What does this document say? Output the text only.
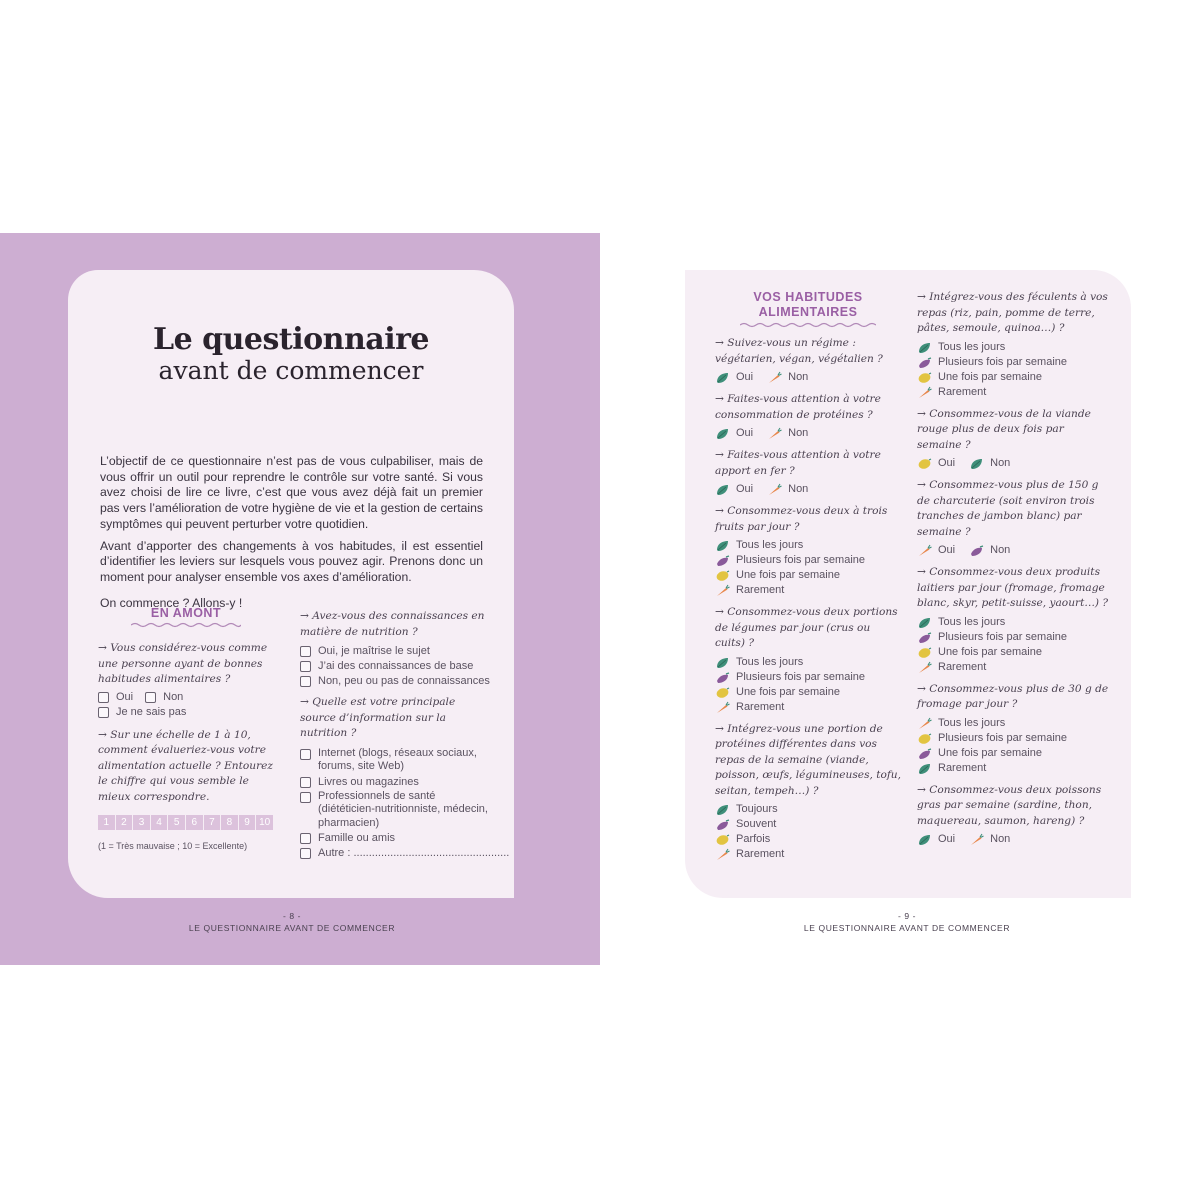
Le questionnaire
avant de commencer

L’objectif de ce questionnaire n’est pas de vous culpabiliser, mais de vous offrir un outil pour reprendre le contrôle sur votre santé. Si vous avez choisi de lire ce livre, c’est que vous avez déjà fait un premier pas vers l’amélioration de votre hygiène de vie et la gestion de certains symptômes qui peuvent perturber votre quotidien.

Avant d’apporter des changements à vos habitudes, il est essentiel d’identifier les leviers sur lesquels vous pouvez agir. Prenons donc un moment pour analyser ensemble vos axes d’amélioration.

On commence ? Allons-y !

EN AMONT
→ Vous considérez-vous comme une personne ayant de bonnes habitudes alimentaires ?
Oui	Non
Je ne sais pas
→ Sur une échelle de 1 à 10, comment évalueriez-vous votre alimentation actuelle ? Entourez le chiffre qui vous semble le mieux correspondre.
1	2	3	4	5	6	7	8	9 10
(1 = Très mauvaise ; 10 = Excellente)
→ Avez-vous des connaissances en matière de nutrition ?
Oui, je maîtrise le sujet
J’ai des connaissances de base
Non, peu ou pas de connaissances
→ Quelle est votre principale source d’information sur la nutrition ?
Internet (blogs, réseaux sociaux, forums, site Web)
Livres ou magazines
Professionnels de santé (diététicien-nutritionniste, médecin, pharmacien)
Famille ou amis
Autre : ...................................................
- 8 -
LE QUESTIONNAIRE AVANT DE COMMENCER
VOS HABITUDES
ALIMENTAIRES
→ Suivez-vous un régime : végétarien, végan, végétalien ?
Oui	Non
→ Faites-vous attention à votre consommation de protéines ?
Oui	Non
→ Faites-vous attention à votre apport en fer ?
Oui	Non
→ Consommez-vous deux à trois fruits par jour ?
Tous les jours
Plusieurs fois par semaine
Une fois par semaine
Rarement
→ Consommez-vous deux portions de légumes par jour (crus ou cuits) ?
Tous les jours
Plusieurs fois par semaine
Une fois par semaine
Rarement
→ Intégrez-vous une portion de protéines différentes dans vos repas de la semaine (viande, poisson, œufs, légumineuses, tofu, seitan, tempeh…) ?
Toujours
Souvent
Parfois
Rarement
→ Intégrez-vous des féculents à vos repas (riz, pain, pomme de terre, pâtes, semoule, quinoa…) ?
Tous les jours
Plusieurs fois par semaine
Une fois par semaine
Rarement
→ Consommez-vous de la viande rouge plus de deux fois par semaine ?
Oui	Non
→ Consommez-vous plus de 150 g de charcuterie (soit environ trois tranches de jambon blanc) par semaine ?
Oui	Non
→ Consommez-vous deux produits laitiers par jour (fromage, fromage blanc, skyr, petit-suisse, yaourt…) ?
Tous les jours
Plusieurs fois par semaine
Une fois par semaine
Rarement
→ Consommez-vous plus de 30 g de fromage par jour ?
Tous les jours
Plusieurs fois par semaine
Une fois par semaine
Rarement
→ Consommez-vous deux poissons gras par semaine (sardine, thon, maquereau, saumon, hareng) ?
Oui	Non
- 9 -
LE QUESTIONNAIRE AVANT DE COMMENCER
